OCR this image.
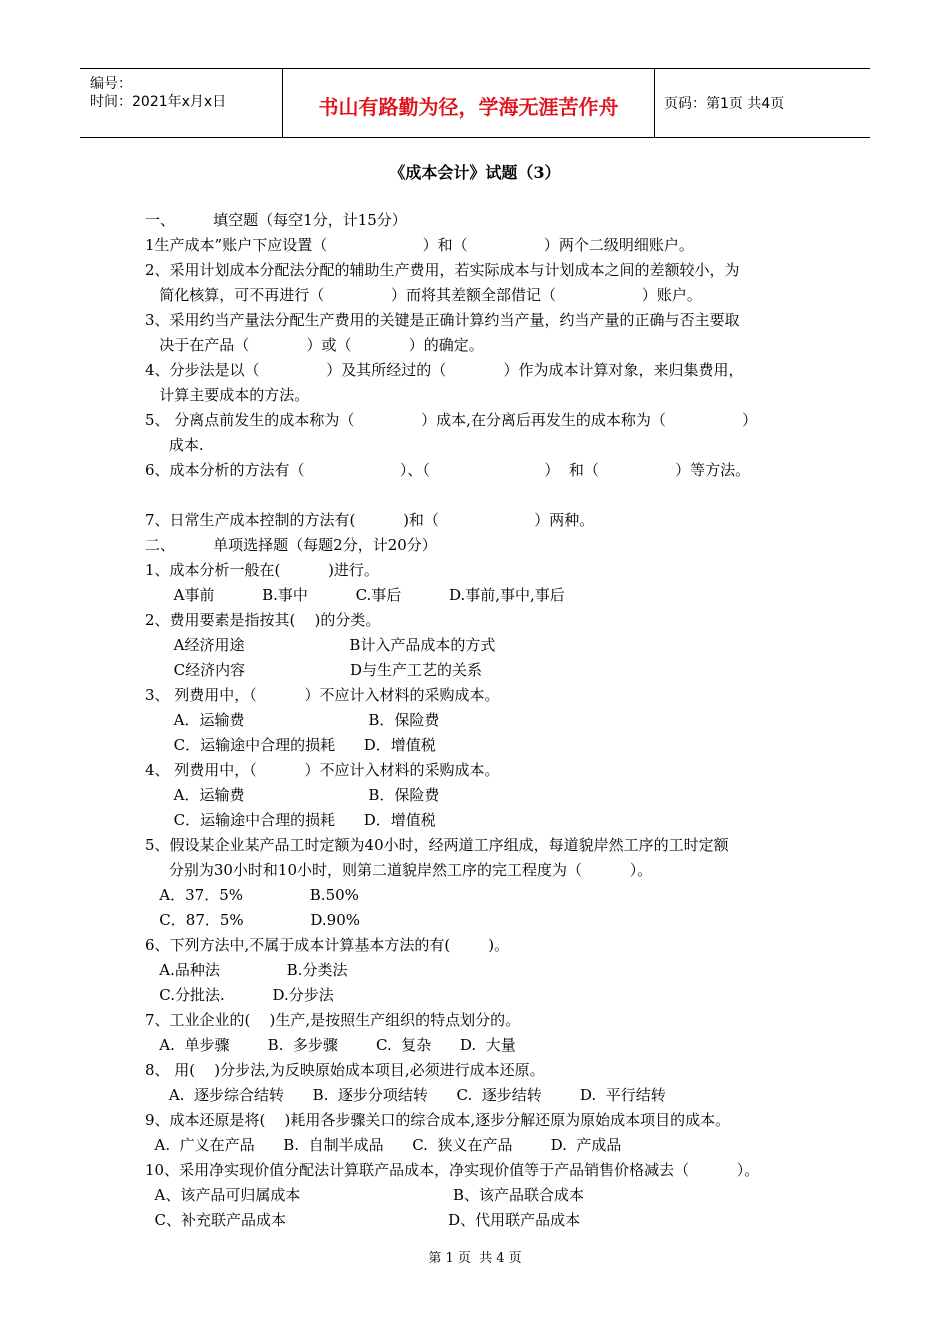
编号：
时间：2021年x月x日	书山有路勤为径，学海无涯苦作舟	页码：第1页 共4页
《成本会计》试题（3）
一、        填空题（每空1分，计15分）
1生产成本”账户下应设置（                    ）和（                ）两个二级明细账户。
2、采用计划成本分配法分配的辅助生产费用，若实际成本与计划成本之间的差额较小，为
简化核算，可不再进行（              ）而将其差额全部借记（                  ）账户。
3、采用约当产量法分配生产费用的关键是正确计算约当产量，约当产量的正确与否主要取
决于在产品（            ）或（            ）的确定。
4、分步法是以（              ）及其所经过的（            ）作为成本计算对象，来归集费用，
计算主要成本的方法。
5、 分离点前发生的成本称为（              ）成本,在分离后再发生的成本称为（                ）
成本.
6、成本分析的方法有（                    ）、（                        ）  和（                ）等方法。
7、日常生产成本控制的方法有(          )和（                    ）两种。
二、        单项选择题（每题2分，计20分）
1、成本分析一般在(          )进行。
A事前          B.事中          C.事后          D.事前,事中,事后
2、费用要素是指按其(    )的分类。
A经济用途                      B计入产品成本的方式
C经济内容                      D与生产工艺的关系
3、 列费用中，（          ）不应计入材料的采购成本。
A．运输费                          B．保险费
C．运输途中合理的损耗      D．增值税
4、 列费用中，（          ）不应计入材料的采购成本。
A．运输费                          B．保险费
C．运输途中合理的损耗      D．增值税
5、假设某企业某产品工时定额为40小时，经两道工序组成，每道貌岸然工序的工时定额
分别为30小时和10小时，则第二道貌岸然工序的完工程度为（          ）。
A．37．5%              B.50%
C．87．5%              D.90%
6、下列方法中,不属于成本计算基本方法的有(        )。
A.品种法              B.分类法
C.分批法.          D.分步法
7、工业企业的(    )生产,是按照生产组织的特点划分的。
A.  单步骤        B.  多步骤        C.  复杂      D.  大量
8、 用(    )分步法,为反映原始成本项目,必须进行成本还原。
A.  逐步综合结转      B.  逐步分项结转      C.  逐步结转        D.  平行结转
9、成本还原是将(    )耗用各步骤关口的综合成本,逐步分解还原为原始成本项目的成本。
A.  广义在产品      B.  自制半成品      C.  狭义在产品        D.  产成品
10、采用净实现价值分配法计算联产品成本，净实现价值等于产品销售价格减去（          ）。
A、该产品可归属成本                                B、该产品联合成本
C、补充联产品成本                                  D、代用联产品成本
第 1 页  共 4 页
